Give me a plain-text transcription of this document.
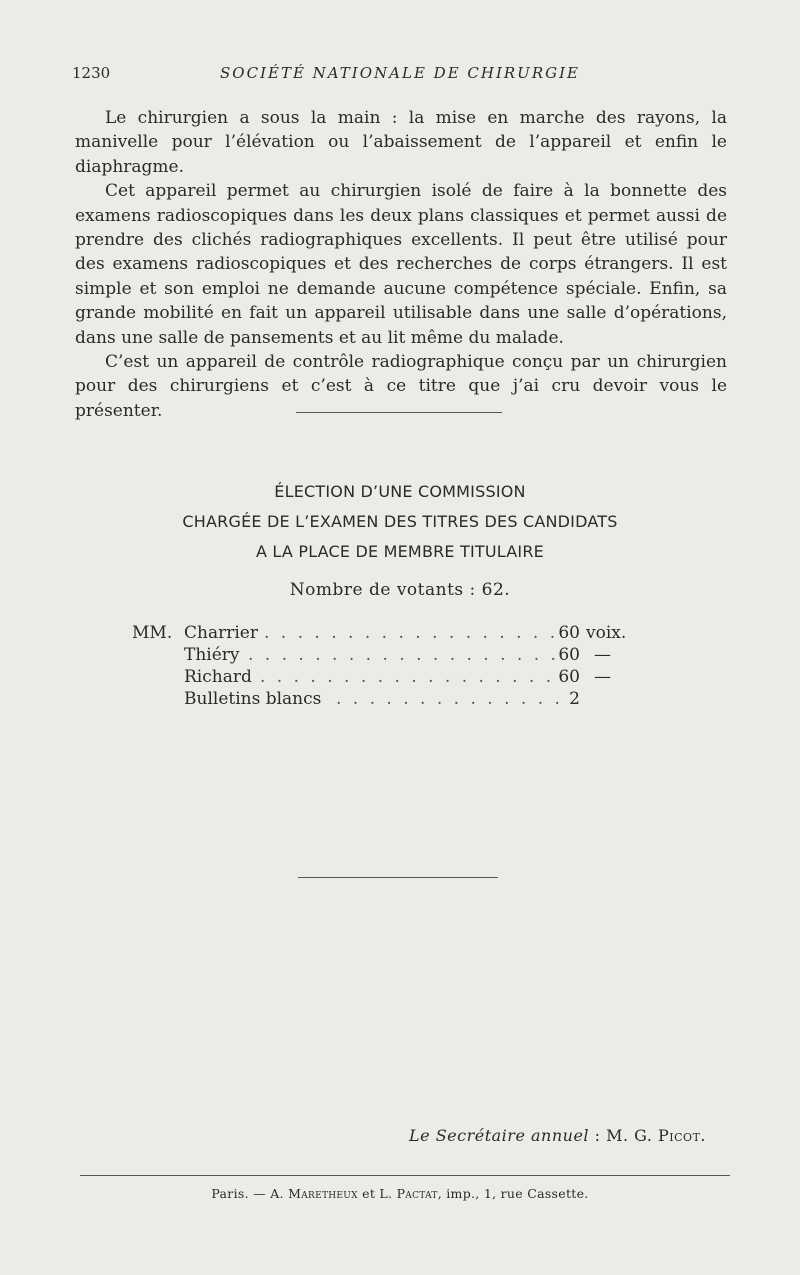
1230	SOCIÉTÉ NATIONALE DE CHIRURGIE

Le chirurgien a sous la main : la mise en marche des rayons, la manivelle pour l’élévation ou l’abaissement de l’appareil et enfin le diaphragme.

Cet appareil permet au chirurgien isolé de faire à la bonnette des examens radioscopiques dans les deux plans classiques et permet aussi de prendre des clichés radiographiques excellents. Il peut être utilisé pour des examens radioscopiques et des recherches de corps étrangers. Il est simple et son emploi ne demande aucune compétence spéciale. Enfin, sa grande mobilité en fait un appareil utilisable dans une salle d’opérations, dans une salle de pansements et au lit même du malade.

C’est un appareil de contrôle radiographique conçu par un chirurgien pour des chirurgiens et c’est à ce titre que j’ai cru devoir vous le présenter.

ÉLECTION D’UNE COMMISSION
CHARGÉE DE L’EXAMEN DES TITRES DES CANDIDATS
A LA PLACE DE MEMBRE TITULAIRE
Nombre de votants : 62.
MM. Charrier . . . . . . . . . . . . . . . . . . 60 voix.
Thiéry . . . . . . . . . . . . . . . . . . . 60 —
Richard . . . . . . . . . . . . . . . . . . 60 —
Bulletins blancs . . . . . . . . . . . . . . 2
Le Secrétaire annuel : M. G. Picot.
Paris. — A. Maretheux et L. Pactat, imp., 1, rue Cassette.
